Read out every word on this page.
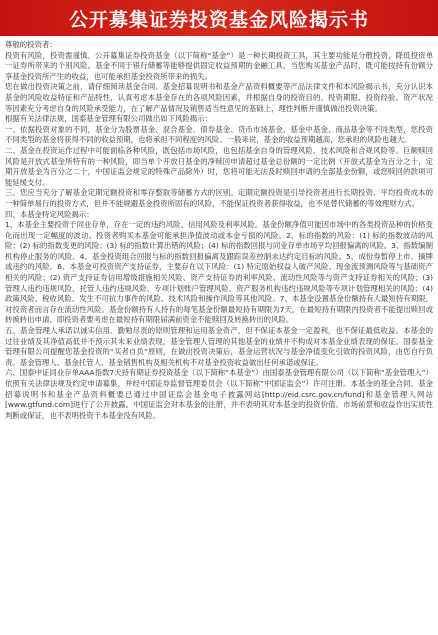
公开募集证券投资基金风险揭示书

尊敬的投资者：

投资有风险，投资需谨慎。公开募集证券投资基金（以下简称“基金”）是一种长期投资工具，其主要功能是分散投资，降低投资单一证券所带来的个别风险。基金不同于银行储蓄等能够提供固定收益预期的金融工具，当您购买基金产品时，既可能按持有份额分享基金投资所产生的收益，也可能承担基金投资所带来的损失。

您在做出投资决策之前，请仔细阅读基金合同、基金招募说明书和基金产品资料概要等产品法律文件和本风险揭示书，充分认识本基金的风险收益特征和产品特性，认真考虑本基金存在的各项风险因素，并根据自身的投资目的、投资期限、投资经验、资产状况等因素充分考虑自身的风险承受能力，在了解产品情况及销售适当性意见的基础上，理性判断并谨慎做出投资决策。

根据有关法律法规，国泰基金管理有限公司做出如下风险揭示：

一、依据投资对象的不同，基金分为股票基金、混合基金、债券基金、货币市场基金、基金中基金、商品基金等不同类型，您投资不同类型的基金将获得不同的收益预期，也将承担不同程度的风险。一般来说，基金的收益预期越高，您承担的风险也越大。

二、基金在投资运作过程中可能面临各种风险，既包括市场风险，也包括基金自身的管理风险、技术风险和合规风险等。巨额赎回风险是开放式基金所特有的一种风险，即当单个开放日基金的净赎回申请超过基金总份额的一定比例（开放式基金为百分之十，定期开放基金为百分之二十，中国证监会规定的特殊产品除外）时，您将可能无法及时赎回申请的全部基金份额，或您赎回的款项可能延缓支付。

三、您应当充分了解基金定期定额投资和零存整取等储蓄方式的区别。定期定额投资是引导投资者进行长期投资、平均投资成本的一种简单易行的投资方式，但并不能规避基金投资所固有的风险，不能保证投资者获得收益，也不是替代储蓄的等效理财方式。

四、本基金特定风险揭示：

1、本基金主要投资于同业存单，存在一定的违约风险、信用风险及利率风险。基金份额净值可能因市场中的各类投资品种的价格变化而出现一定幅度的波动。投资者购买本基金可能承担净值波动或本金亏损的风险。2、标的指数的风险：(1) 标的指数波动的风险；(2) 标的指数变更的风险；(3) 标的指数计算出错的风险；(4) 标的指数回报与同业存单市场平均回报偏离的风险。3、指数编制机构停止服务的风险。4、基金投资组合回报与标的指数回报偏离及跟踪误差控制未达约定目标的风险。5、成份券暂停上市、摘牌或违约的风险。6、本基金可投资资产支持证券，主要存在以下风险：(1) 特定原始权益人破产风险、现金流预测风险等与基础资产相关的风险；(2) 资产支持证券信用增级措施相关风险、资产支持证券的利率风险、流动性风险等与资产支持证券相关的风险；(3) 管理人违约违规风险、托管人违约违规风险、专项计划账户管理风险、资产服务机构违约违规风险等专项计划管理相关的风险；(4) 政策风险、税收风险、发生不可抗力事件的风险、技术风险和操作风险等其他风险。7、本基金设置基金份额持有人最短持有期限，对投资者而言存在流动性风险。基金份额持有人持有的每笔基金份额最短持有期限为7天，在最短持有期限内投资者不能提出赎回或转换转出申请。即投资者要考虑在最短持有期限届满前资金不能赎回及转换转出的风险。

五、基金管理人承诺以诚实信用、勤勉尽责的原则管理和运用基金资产，但不保证本基金一定盈利，也不保证最低收益。本基金的过往业绩及其净值高低并不预示其未来业绩表现，基金管理人管理的其他基金的业绩并不构成对本基金业绩表现的保证。国泰基金管理有限公司提醒您基金投资的“买者自负”原则，在做出投资决策后，基金运营状况与基金净值变化引致的投资风险，由您自行负责。基金管理人、基金托管人、基金销售机构及相关机构不对基金投资收益做出任何承诺或保证。

六、国泰中证同业存单AAA指数7天持有期证券投资基金（以下简称“本基金”）由国泰基金管理有限公司（以下简称“基金管理人”）依照有关法律法规及约定申请募集，并经中国证券监督管理委员会（以下简称“中国证监会”）许可注册。本基金的基金合同、基金招募说明书和基金产品资料概要已通过中国证监会基金电子披露网站[http://eid.csrc.gov.cn/fund]和基金管理人网站[www.gtfund.com]进行了公开披露。中国证监会对本基金的注册，并不表明其对本基金的投资价值、市场前景和收益作出实质性判断或保证，也不表明投资于本基金没有风险。
